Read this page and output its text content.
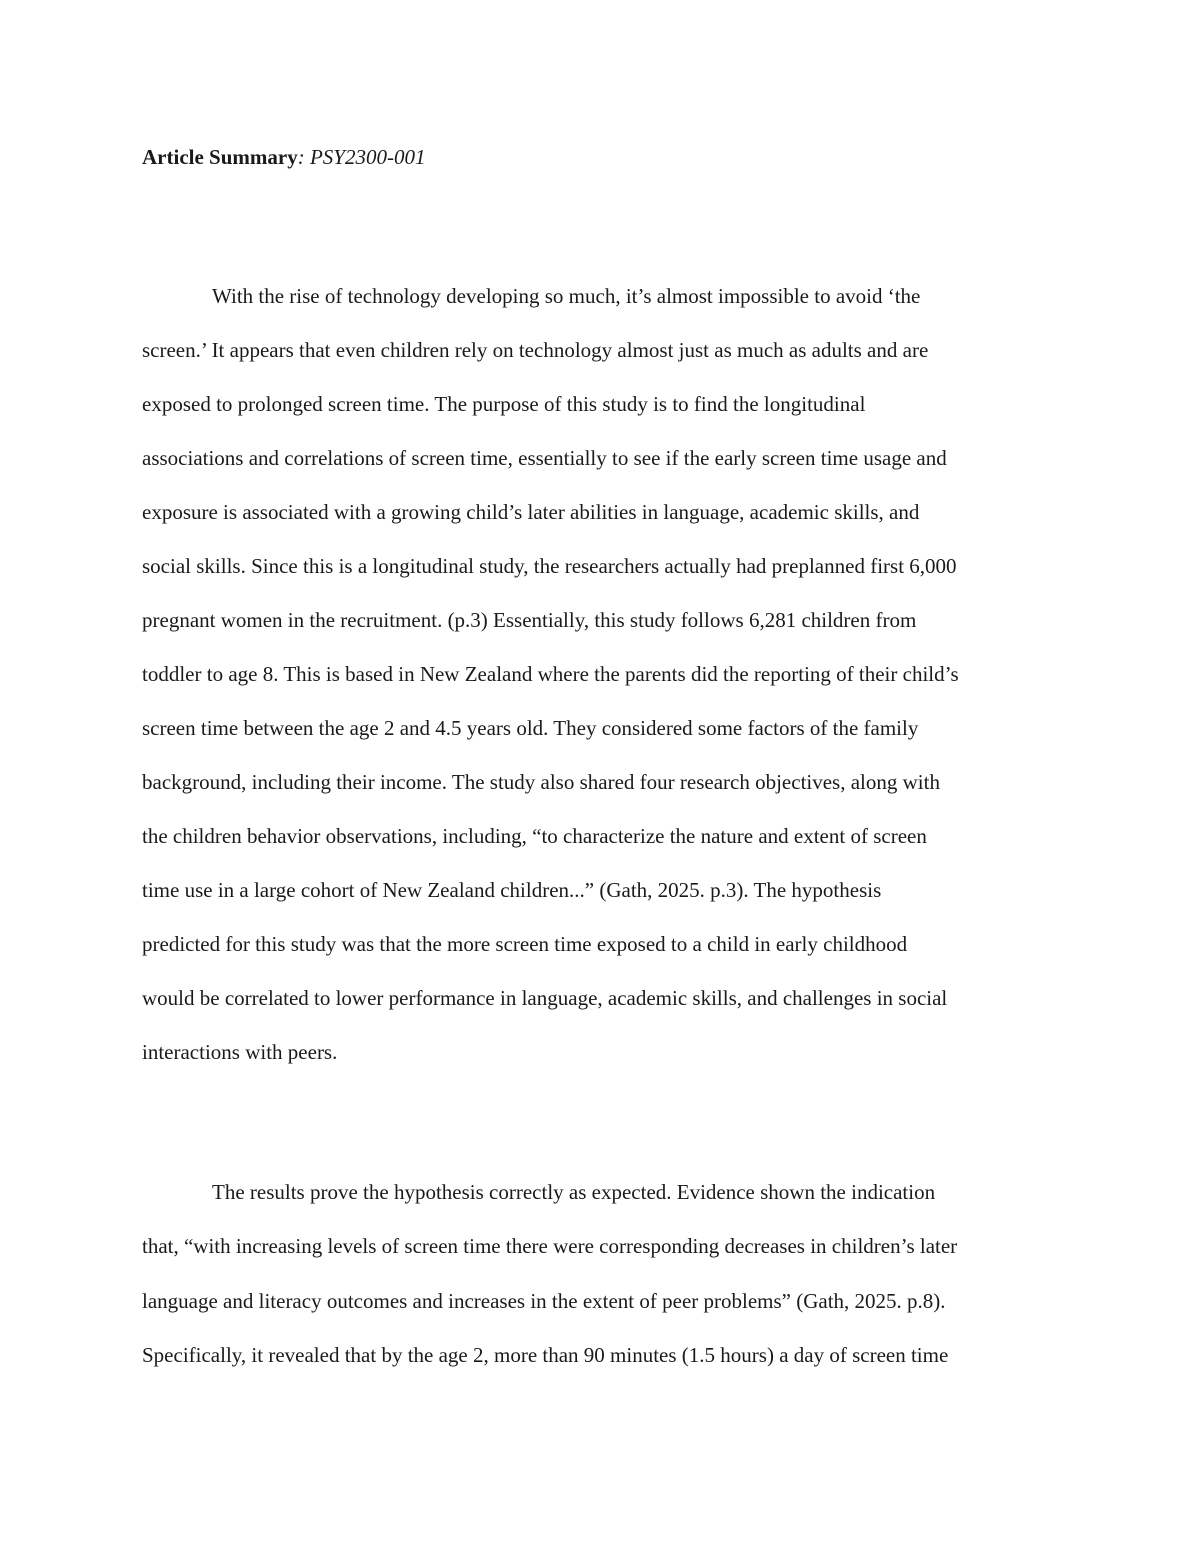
Article Summary: PSY2300-001
With the rise of technology developing so much, it’s almost impossible to avoid ‘the
screen.’ It appears that even children rely on technology almost just as much as adults and are
exposed to prolonged screen time. The purpose of this study is to find the longitudinal
associations and correlations of screen time, essentially to see if the early screen time usage and
exposure is associated with a growing child’s later abilities in language, academic skills, and
social skills. Since this is a longitudinal study, the researchers actually had preplanned first 6,000
pregnant women in the recruitment. (p.3) Essentially, this study follows 6,281 children from
toddler to age 8. This is based in New Zealand where the parents did the reporting of their child’s
screen time between the age 2 and 4.5 years old. They considered some factors of the family
background, including their income. The study also shared four research objectives, along with
the children behavior observations, including, “to characterize the nature and extent of screen
time use in a large cohort of New Zealand children...” (Gath, 2025. p.3). The hypothesis
predicted for this study was that the more screen time exposed to a child in early childhood
would be correlated to lower performance in language, academic skills, and challenges in social
interactions with peers.
The results prove the hypothesis correctly as expected. Evidence shown the indication
that, “with increasing levels of screen time there were corresponding decreases in children’s later
language and literacy outcomes and increases in the extent of peer problems” (Gath, 2025. p.8).
Specifically, it revealed that by the age 2, more than 90 minutes (1.5 hours) a day of screen time
